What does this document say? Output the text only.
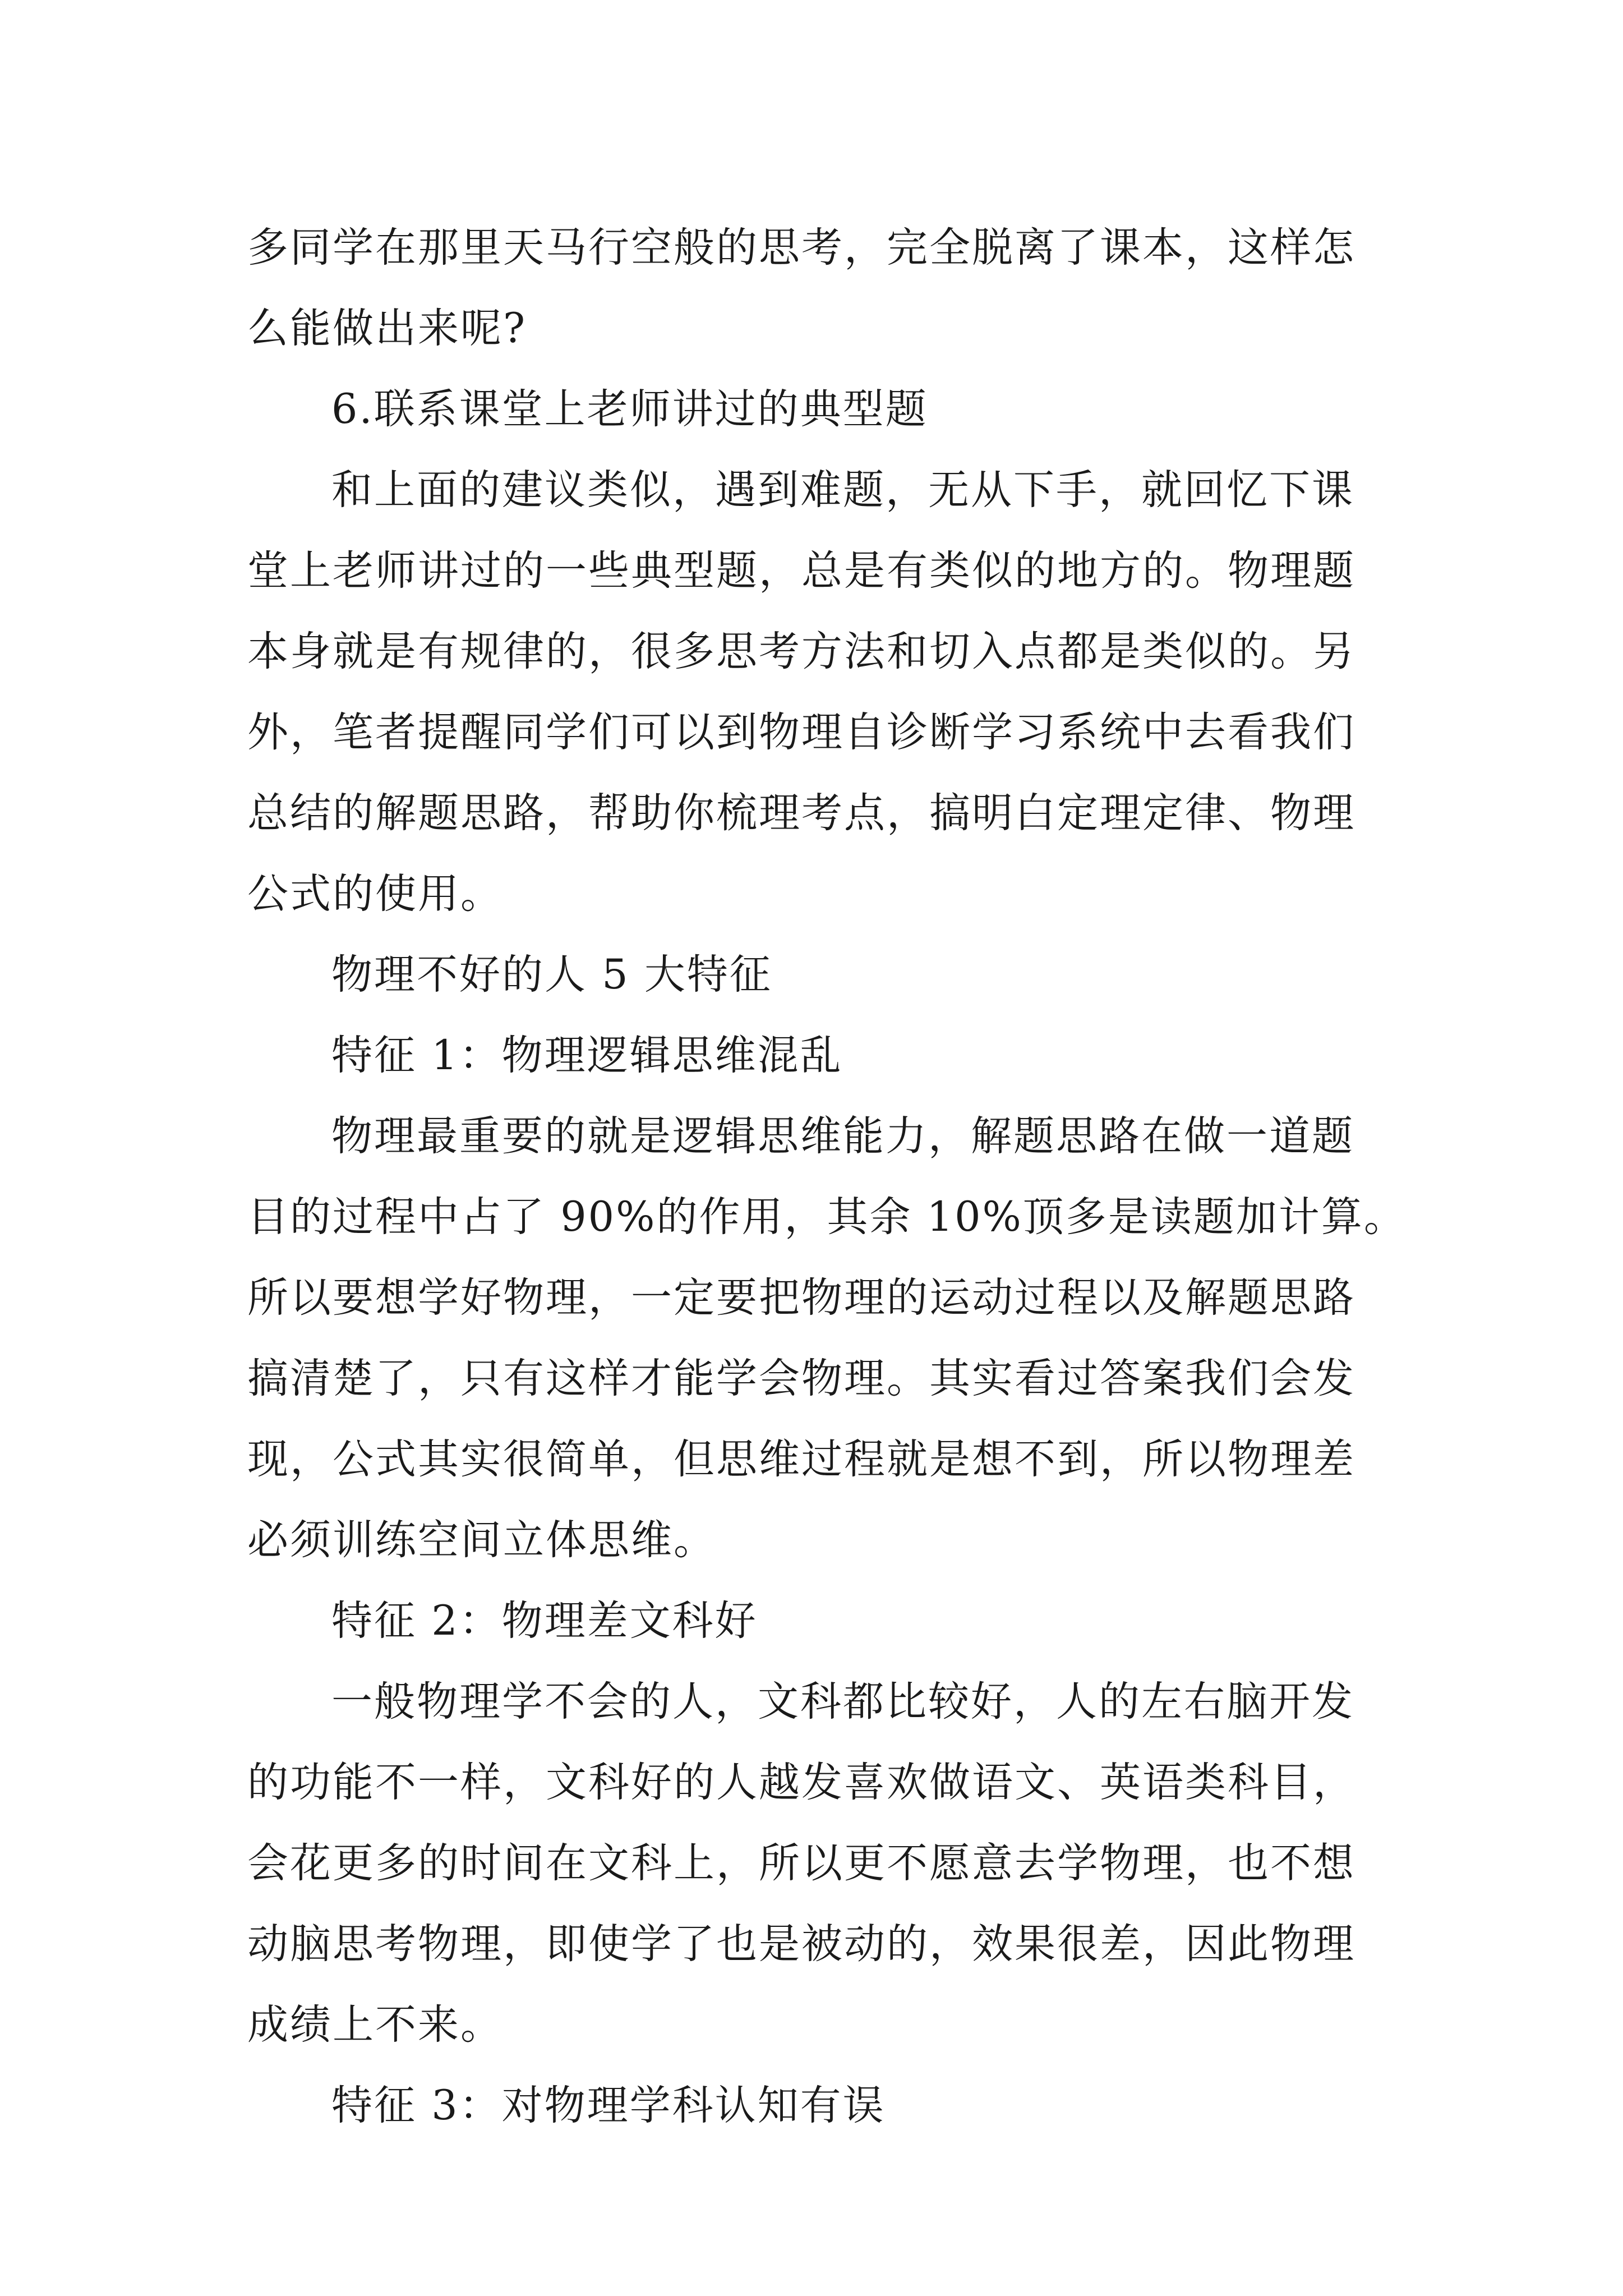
多同学在那里天马行空般的思考，完全脱离了课本，这样怎
么能做出来呢?
6.联系课堂上老师讲过的典型题
和上面的建议类似，遇到难题，无从下手，就回忆下课
堂上老师讲过的一些典型题，总是有类似的地方的。物理题
本身就是有规律的，很多思考方法和切入点都是类似的。另
外，笔者提醒同学们可以到物理自诊断学习系统中去看我们
总结的解题思路，帮助你梳理考点，搞明白定理定律、物理
公式的使用。
物理不好的人 5 大特征
特征 1：物理逻辑思维混乱
物理最重要的就是逻辑思维能力，解题思路在做一道题
目的过程中占了 90%的作用，其余 10%顶多是读题加计算。
所以要想学好物理，一定要把物理的运动过程以及解题思路
搞清楚了，只有这样才能学会物理。其实看过答案我们会发
现，公式其实很简单，但思维过程就是想不到，所以物理差
必须训练空间立体思维。
特征 2：物理差文科好
一般物理学不会的人，文科都比较好，人的左右脑开发
的功能不一样，文科好的人越发喜欢做语文、英语类科目，
会花更多的时间在文科上，所以更不愿意去学物理，也不想
动脑思考物理，即使学了也是被动的，效果很差，因此物理
成绩上不来。
特征 3：对物理学科认知有误
